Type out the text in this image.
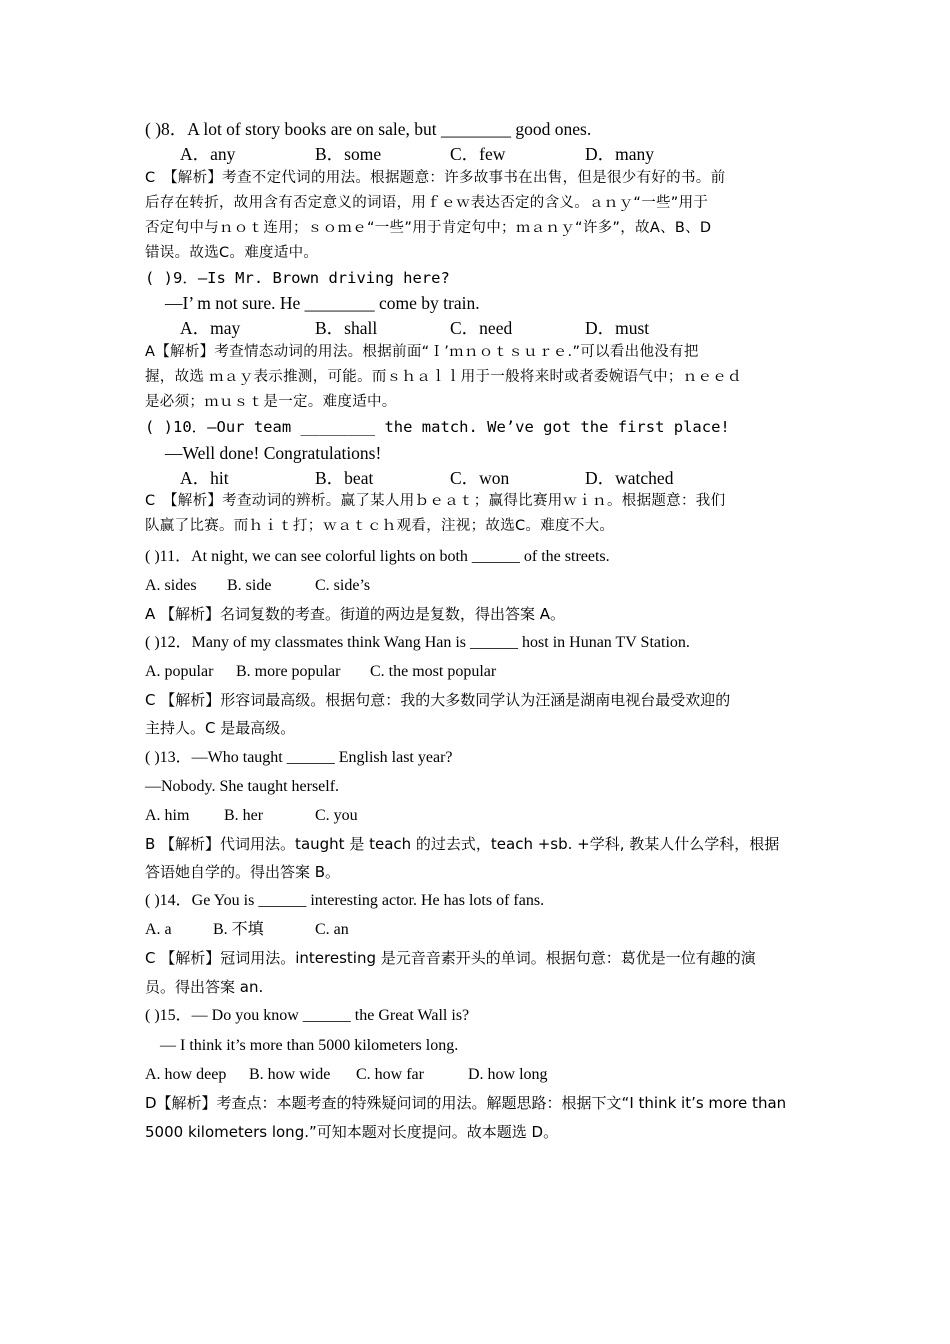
( )8．A lot of story books are on sale, but ________ good ones.
A．any	B．some	C．few	D．many
C　【解析】考查不定代词的用法。根据题意：许多故事书在出售，但是很少有好的书。前
后存在转折，故用含有否定意义的词语，用ｆｅｗ表达否定的含义。ａｎｙ“一些”用于
否定句中与ｎｏｔ连用；ｓｏｍｅ“一些”用于肯定句中；ｍａｎｙ“许多”，故A、B、D
错误。故选C。难度适中。
( )9．—Is Mr. Brown driving here?
—I’ m not sure. He ________ come by train.
A．may	B．shall	C．need	D．must
A【解析】考查情态动词的用法。根据前面“Ｉ’ｍｎｏｔｓｕｒｅ.”可以看出他没有把
握，故选 ｍａｙ表示推测，可能。而ｓｈａｌｌ用于一般将来时或者委婉语气中；ｎｅｅｄ
是必须；ｍｕｓｔ是一定。难度适中。
( )10．—Our team ________ the match. We’ve got the first place!
—Well done! Congratulations!
A．hit	B．beat	C．won	D．watched
C　【解析】考查动词的辨析。赢了某人用ｂｅａｔ；赢得比赛用ｗｉｎ。根据题意：我们
队赢了比赛。而ｈｉｔ打；ｗａｔｃｈ观看，注视；故选C。难度不大。
( )11．At night, we can see colorful lights on both ______ of the streets.
A. sides B. side	C. side’s
A 【解析】名词复数的考查。街道的两边是复数，得出答案 A。
( )12．Many of my classmates think Wang Han is ______ host in Hunan TV Station.
A. popular B. more popular C. the most popular
C 【解析】形容词最高级。根据句意：我的大多数同学认为汪涵是湖南电视台最受欢迎的
主持人。C 是最高级。
( )13．—Who taught ______ English last year?
—Nobody. She taught herself.
A. him B. her	C. you
B 【解析】代词用法。taught 是 teach 的过去式，teach +sb. +学科, 教某人什么学科，根据
答语她自学的。得出答案 B。
( )14．Ge You is ______ interesting actor. He has lots of fans.
A. a	B. 不填	C. an
C 【解析】冠词用法。interesting 是元音音素开头的单词。根据句意：葛优是一位有趣的演
员。得出答案 an.
( )15．— Do you know ______ the Great Wall is?
— I think it’s more than 5000 kilometers long.
A. how deep B. how wide C. how far	D. how long
D【解析】考查点：本题考查的特殊疑问词的用法。解题思路：根据下文“I think it’s more than
5000 kilometers long.”可知本题对长度提问。故本题选 D。
